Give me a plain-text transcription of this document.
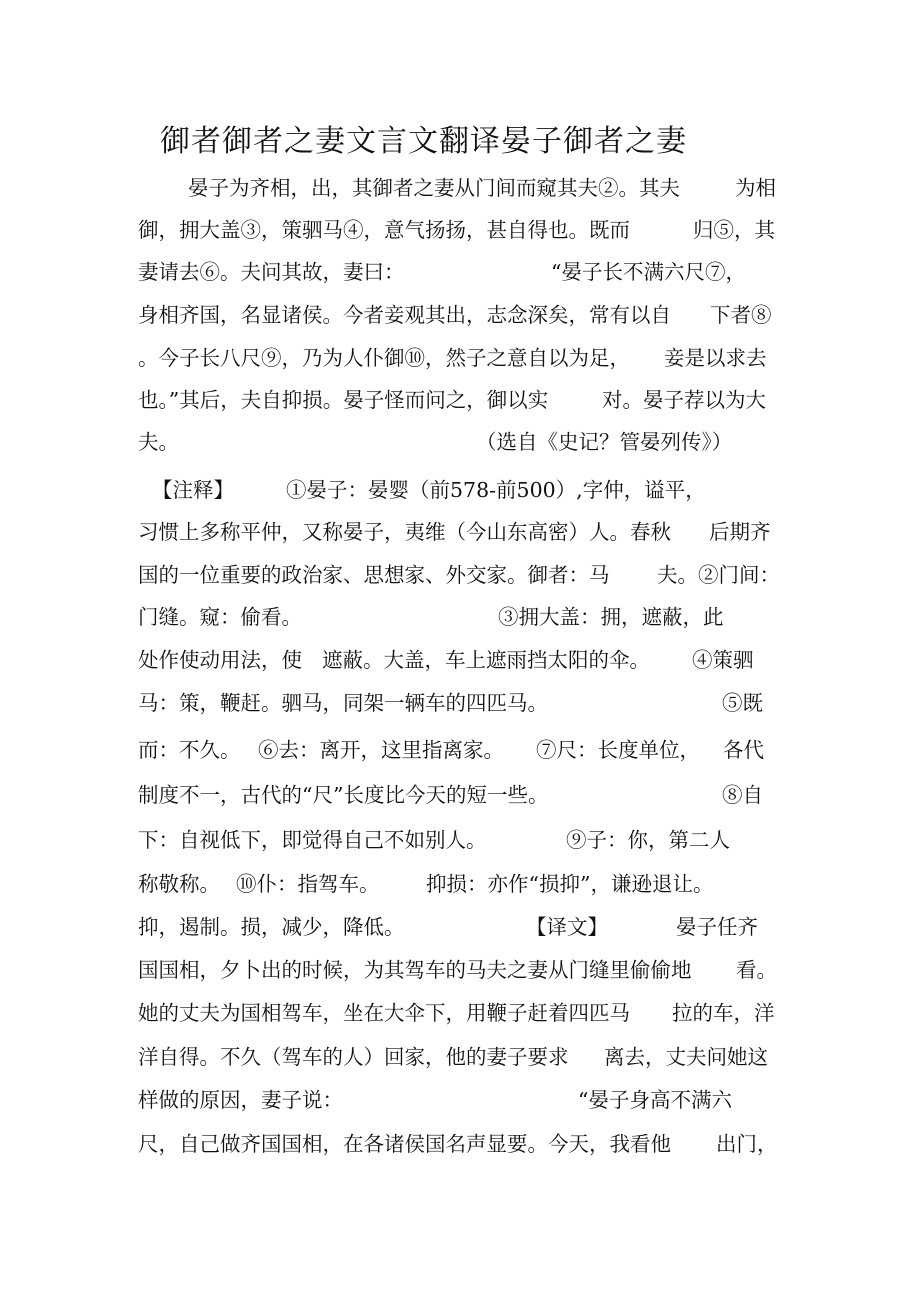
御者御者之妻文言文翻译晏子御者之妻
晏子为齐相，出，其御者之妻从门间而窥其夫②。其夫	为相
御，拥大盖③，策驷马④，意气扬扬，甚自得也。既而	归⑤，其
妻请去⑥。夫问其故，妻曰：	“晏子长不满六尺⑦，
身相齐国，名显诸侯。今者妾观其出，志念深矣，常有以自 下者⑧
。今子长八尺⑨，乃为人仆御⑩，然子之意自以为足， 妾是以求去
也。”其后，夫自抑损。晏子怪而问之，御以实	对。晏子荐以为大
夫。	（选自《史记？管晏列传》）
【注释】	①晏子：晏婴（前578-前500）,字仲，谥平，
习惯上多称平仲，又称晏子，夷维（今山东高密）人。春秋 后期齐
国的一位重要的政治家、思想家、外交家。御者：马 夫。②门间：
门缝。窥：偷看。	③拥大盖：拥，遮蔽，此
处作使动用法，使 遮蔽。大盖，车上遮雨挡太阳的伞。 ④策驷
马：策，鞭赶。驷马，同架一辆车的四匹马。	⑤既
而：不久。 ⑥去：离开，这里指离家。 ⑦尺：长度单位， 各代
制度不一，古代的“尺”长度比今天的短一些。	⑧自
下：自视低下，即觉得自己不如别人。	⑨子：你，第二人
称敬称。 ⑩仆：指驾车。 抑损：亦作“损抑”，谦逊退让。
抑，遏制。损，减少，降低。	【译文】	晏子任齐
国国相，夕卜出的时候，为其驾车的马夫之妻从门缝里偷偷地 看。
她的丈夫为国相驾车，坐在大伞下，用鞭子赶着四匹马 拉的车，洋
洋自得。不久（驾车的人）回家，他的妻子要求 离去，丈夫问她这
样做的原因，妻子说：	“晏子身高不满六
尺，自己做齐国国相，在各诸侯国名声显要。今天，我看他 出门，
